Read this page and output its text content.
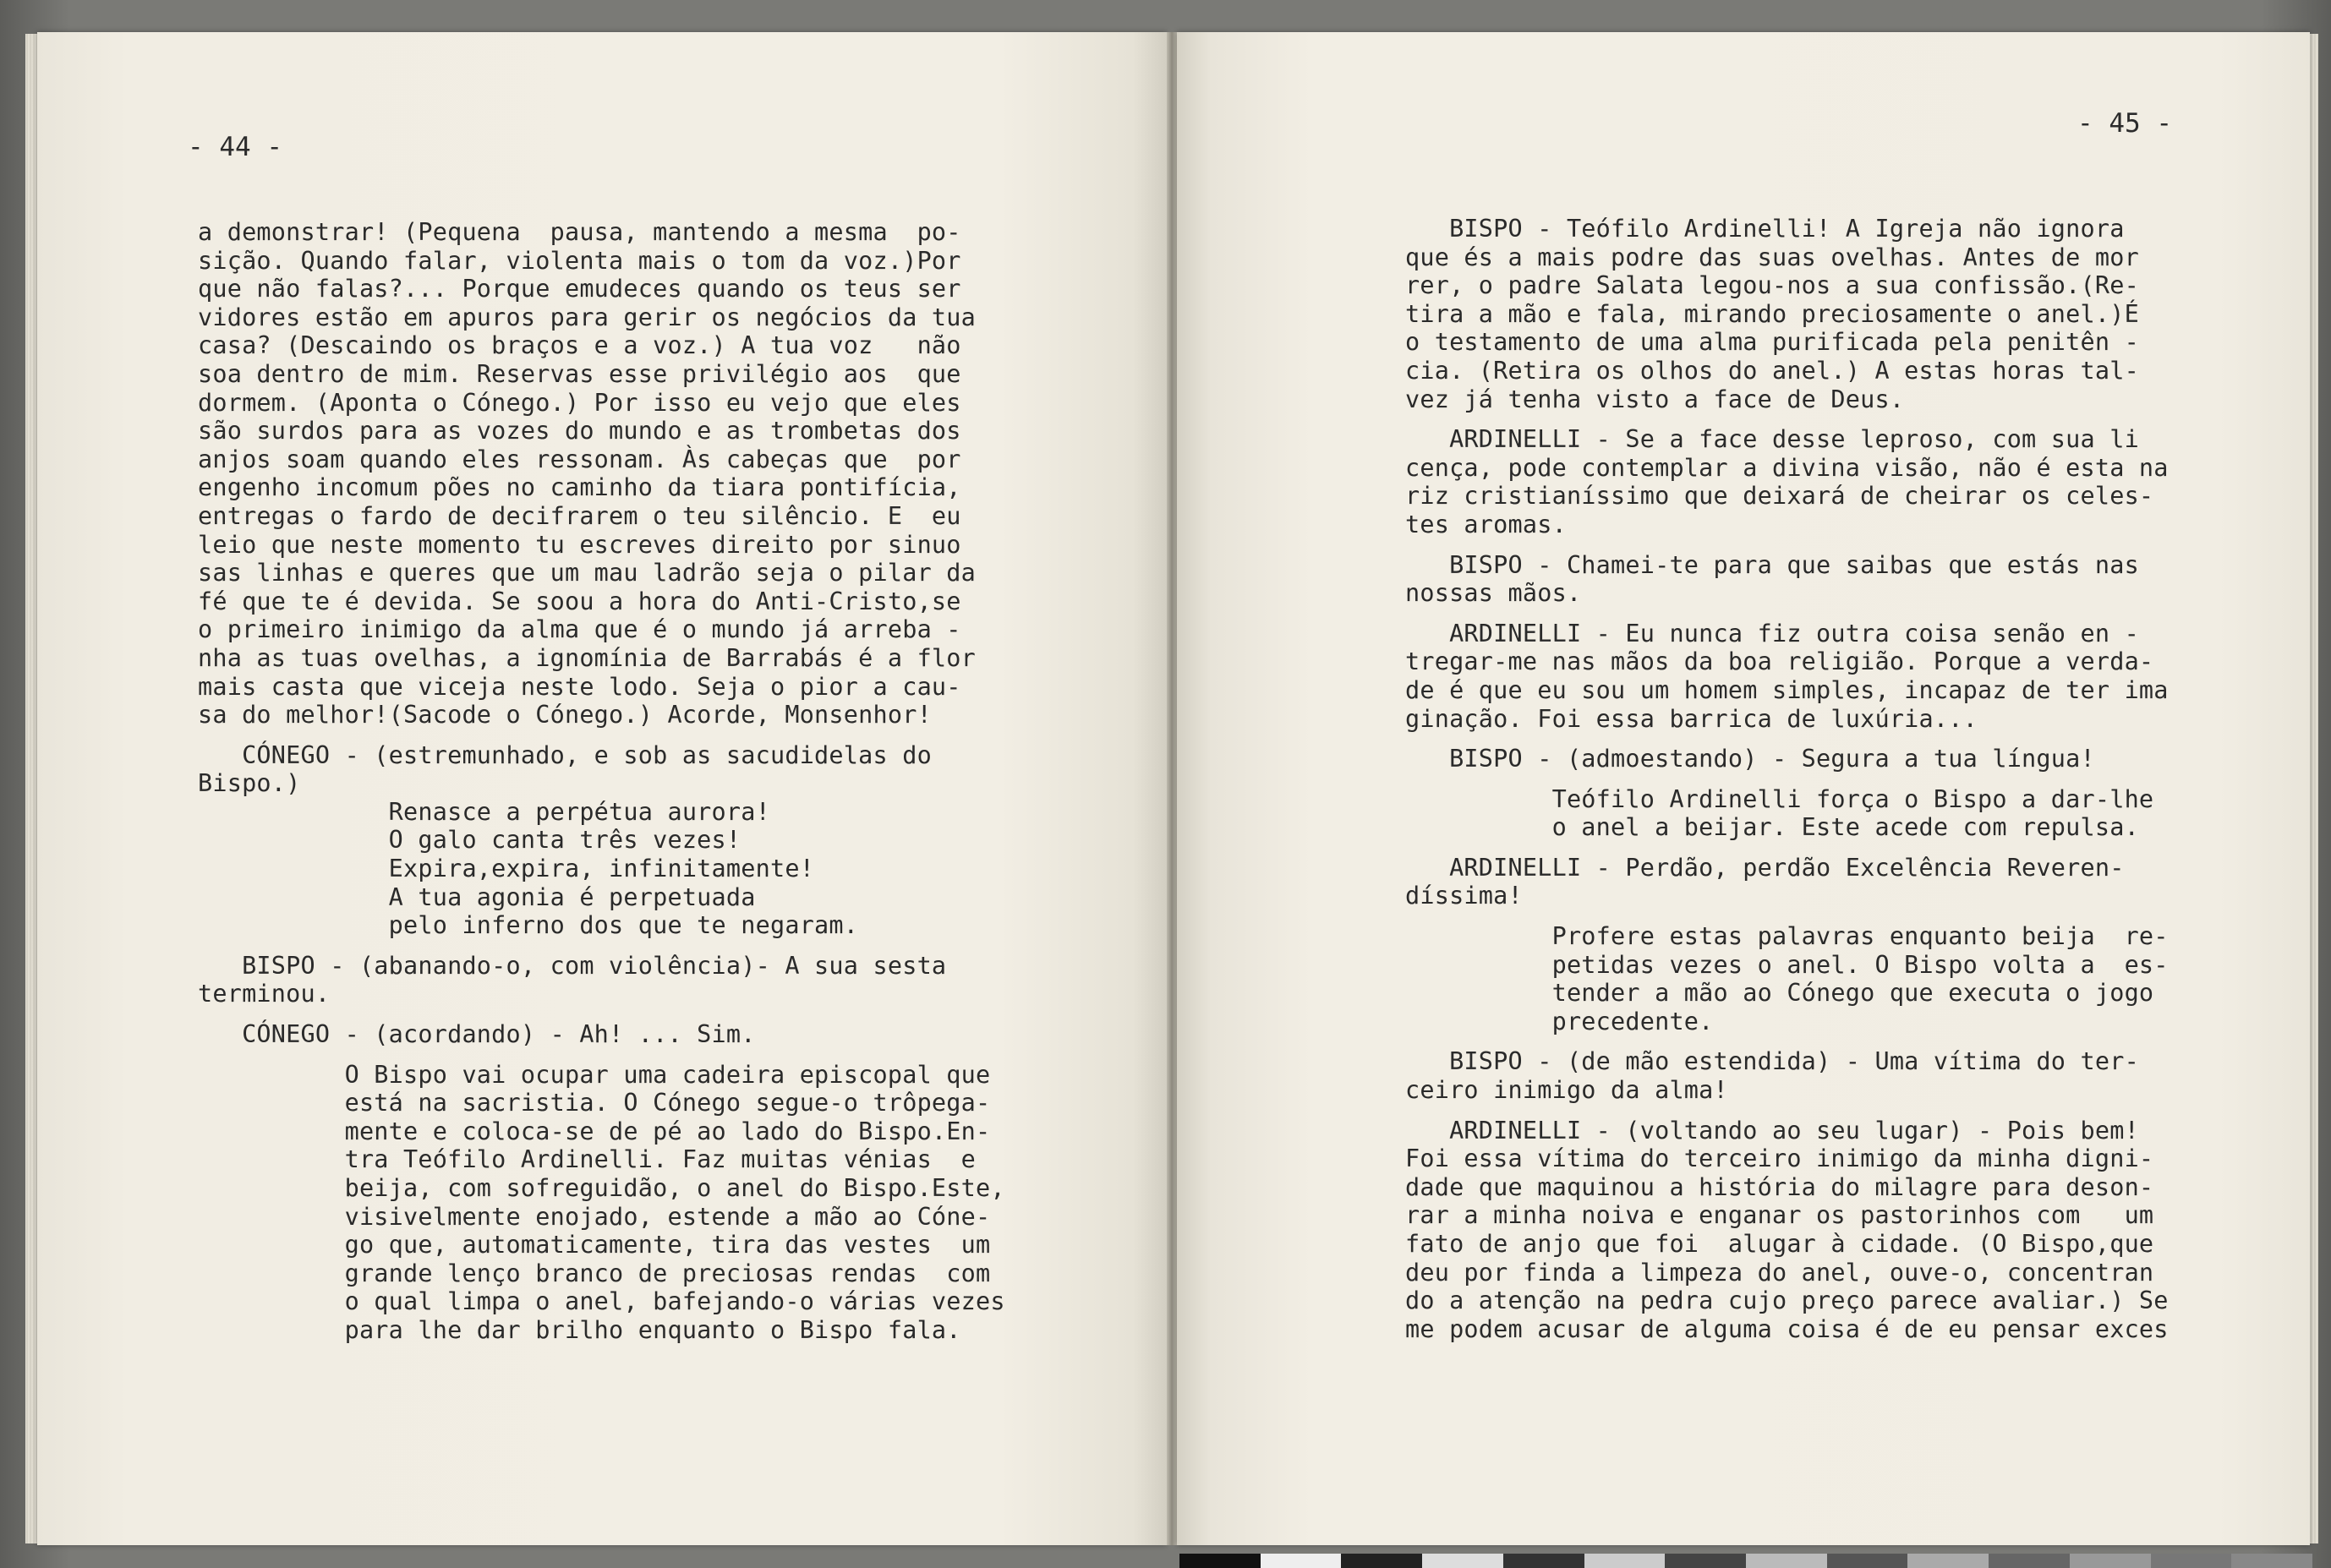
- 44 -
a demonstrar! (Pequena  pausa, mantendo a mesma  po-
sição. Quando falar, violenta mais o tom da voz.)Por
que não falas?... Porque emudeces quando os teus ser
vidores estão em apuros para gerir os negócios da tua
casa? (Descaindo os braços e a voz.) A tua voz   não
soa dentro de mim. Reservas esse privilégio aos  que
dormem. (Aponta o Cónego.) Por isso eu vejo que eles
são surdos para as vozes do mundo e as trombetas dos
anjos soam quando eles ressonam. Às cabeças que  por
engenho incomum pões no caminho da tiara pontifícia,
entregas o fardo de decifrarem o teu silêncio. E  eu
leio que neste momento tu escreves direito por sinuo
sas linhas e queres que um mau ladrão seja o pilar da
fé que te é devida. Se soou a hora do Anti-Cristo,se
o primeiro inimigo da alma que é o mundo já arreba -
nha as tuas ovelhas, a ignomínia de Barrabás é a flor
mais casta que viceja neste lodo. Seja o pior a cau-
sa do melhor!(Sacode o Cónego.) Acorde, Monsenhor!
CÓNEGO - (estremunhado, e sob as sacudidelas do
Bispo.)
Renasce a perpétua aurora!
O galo canta três vezes!
Expira,expira, infinitamente!
A tua agonia é perpetuada
pelo inferno dos que te negaram.
BISPO - (abanando-o, com violência)- A sua sesta
terminou.
CÓNEGO - (acordando) - Ah! ... Sim.
O Bispo vai ocupar uma cadeira episcopal que
está na sacristia. O Cónego segue-o trôpega-
mente e coloca-se de pé ao lado do Bispo.En-
tra Teófilo Ardinelli. Faz muitas vénias  e
beija, com sofreguidão, o anel do Bispo.Este,
visivelmente enojado, estende a mão ao Cóne-
go que, automaticamente, tira das vestes  um
grande lenço branco de preciosas rendas  com
o qual limpa o anel, bafejando-o várias vezes
para lhe dar brilho enquanto o Bispo fala.
- 45 -
BISPO - Teófilo Ardinelli! A Igreja não ignora
que és a mais podre das suas ovelhas. Antes de mor
rer, o padre Salata legou-nos a sua confissão.(Re-
tira a mão e fala, mirando preciosamente o anel.)É
o testamento de uma alma purificada pela penitên -
cia. (Retira os olhos do anel.) A estas horas tal-
vez já tenha visto a face de Deus.
ARDINELLI - Se a face desse leproso, com sua li
cença, pode contemplar a divina visão, não é esta na
riz cristianíssimo que deixará de cheirar os celes-
tes aromas.
BISPO - Chamei-te para que saibas que estás nas
nossas mãos.
ARDINELLI - Eu nunca fiz outra coisa senão en -
tregar-me nas mãos da boa religião. Porque a verda-
de é que eu sou um homem simples, incapaz de ter ima
ginação. Foi essa barrica de luxúria...
BISPO - (admoestando) - Segura a tua língua!
Teófilo Ardinelli força o Bispo a dar-lhe
o anel a beijar. Este acede com repulsa.
ARDINELLI - Perdão, perdão Excelência Reveren-
díssima!
Profere estas palavras enquanto beija  re-
petidas vezes o anel. O Bispo volta a  es-
tender a mão ao Cónego que executa o jogo
precedente.
BISPO - (de mão estendida) - Uma vítima do ter-
ceiro inimigo da alma!
ARDINELLI - (voltando ao seu lugar) - Pois bem!
Foi essa vítima do terceiro inimigo da minha digni-
dade que maquinou a história do milagre para deson-
rar a minha noiva e enganar os pastorinhos com   um
fato de anjo que foi  alugar à cidade. (O Bispo,que
deu por finda a limpeza do anel, ouve-o, concentran
do a atenção na pedra cujo preço parece avaliar.) Se
me podem acusar de alguma coisa é de eu pensar exces
